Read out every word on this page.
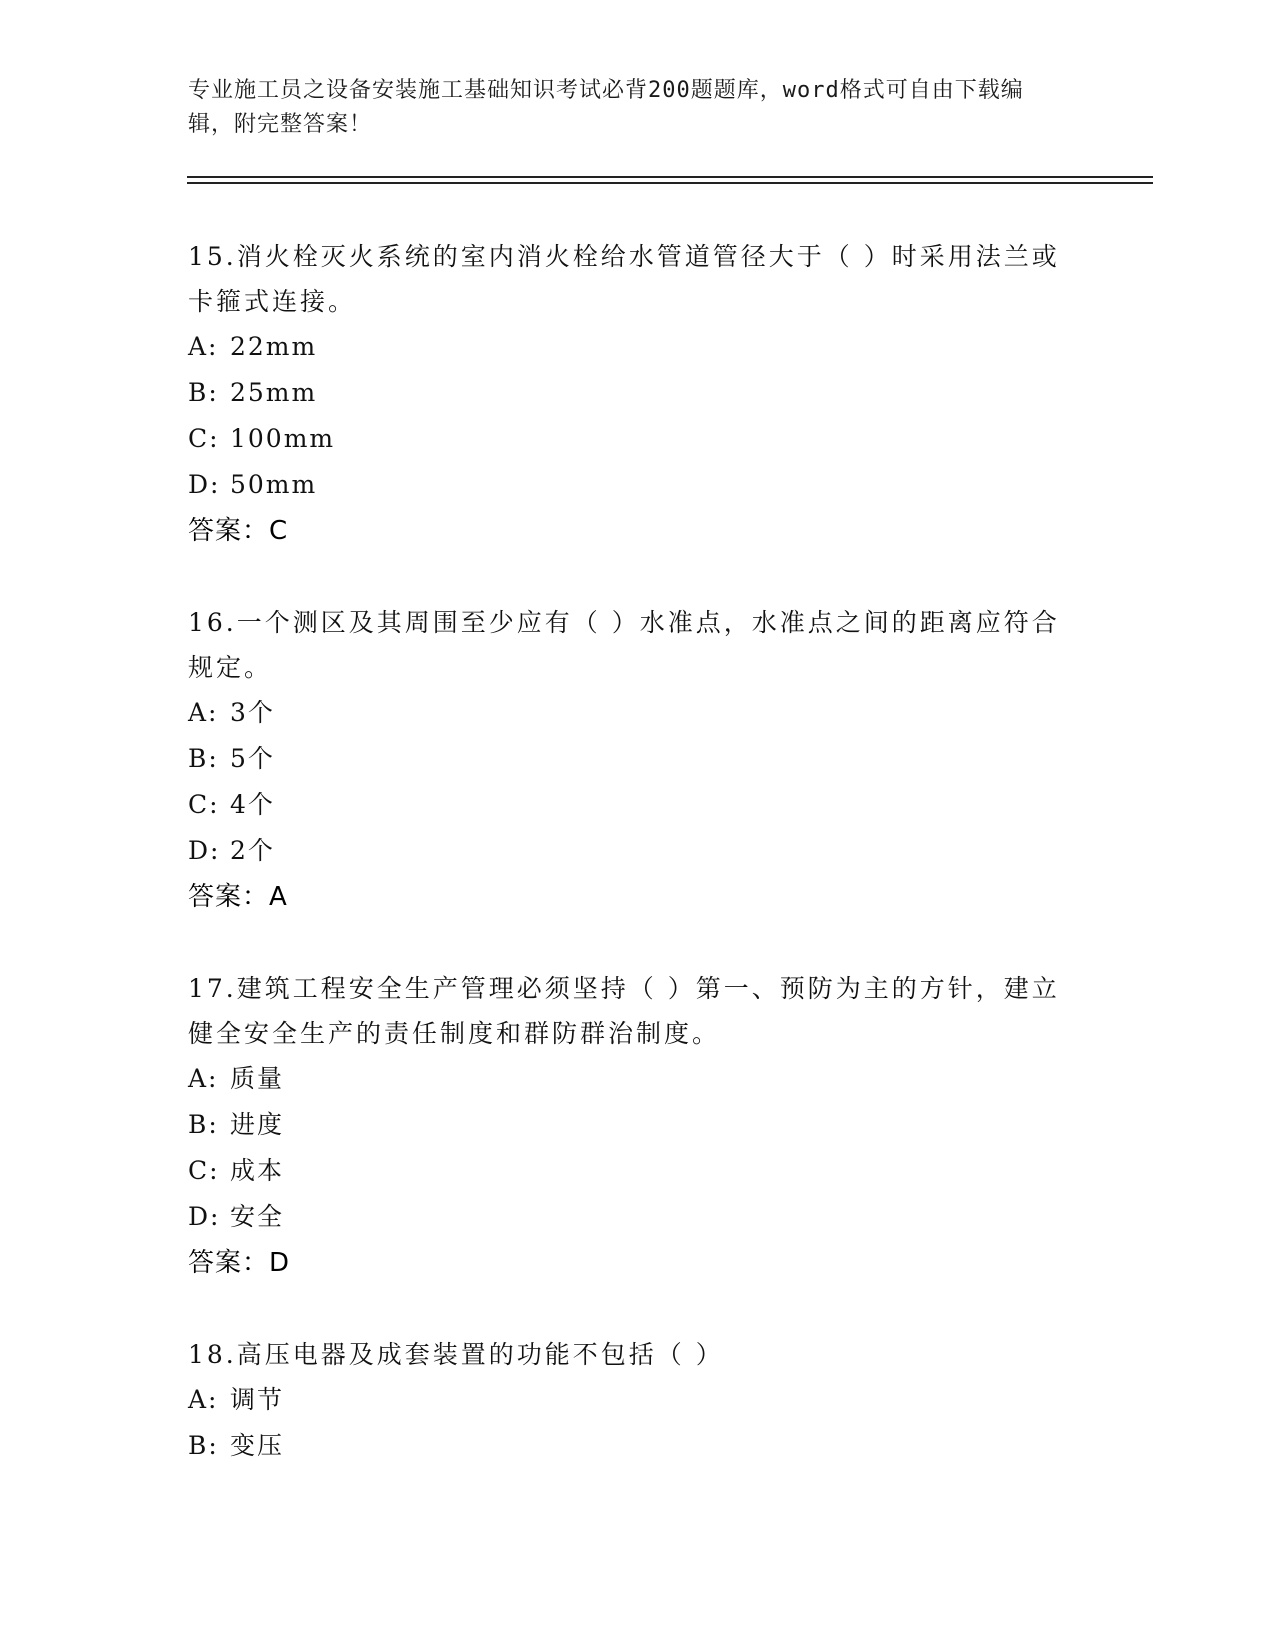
专业施工员之设备安装施工基础知识考试必背200题题库，word格式可自由下载编辑，附完整答案！

15.消火栓灭火系统的室内消火栓给水管道管径大于（ ）时采用法兰或卡箍式连接。

A: 22mm
B: 25mm
C: 100mm
D: 50mm
答案：C

16.一个测区及其周围至少应有（ ）水准点，水准点之间的距离应符合规定。

A: 3个
B: 5个
C: 4个
D: 2个
答案：A

17.建筑工程安全生产管理必须坚持（ ）第一、预防为主的方针，建立健全安全生产的责任制度和群防群治制度。

A: 质量
B: 进度
C: 成本
D: 安全
答案：D

18.高压电器及成套装置的功能不包括（ ）

A: 调节
B: 变压
